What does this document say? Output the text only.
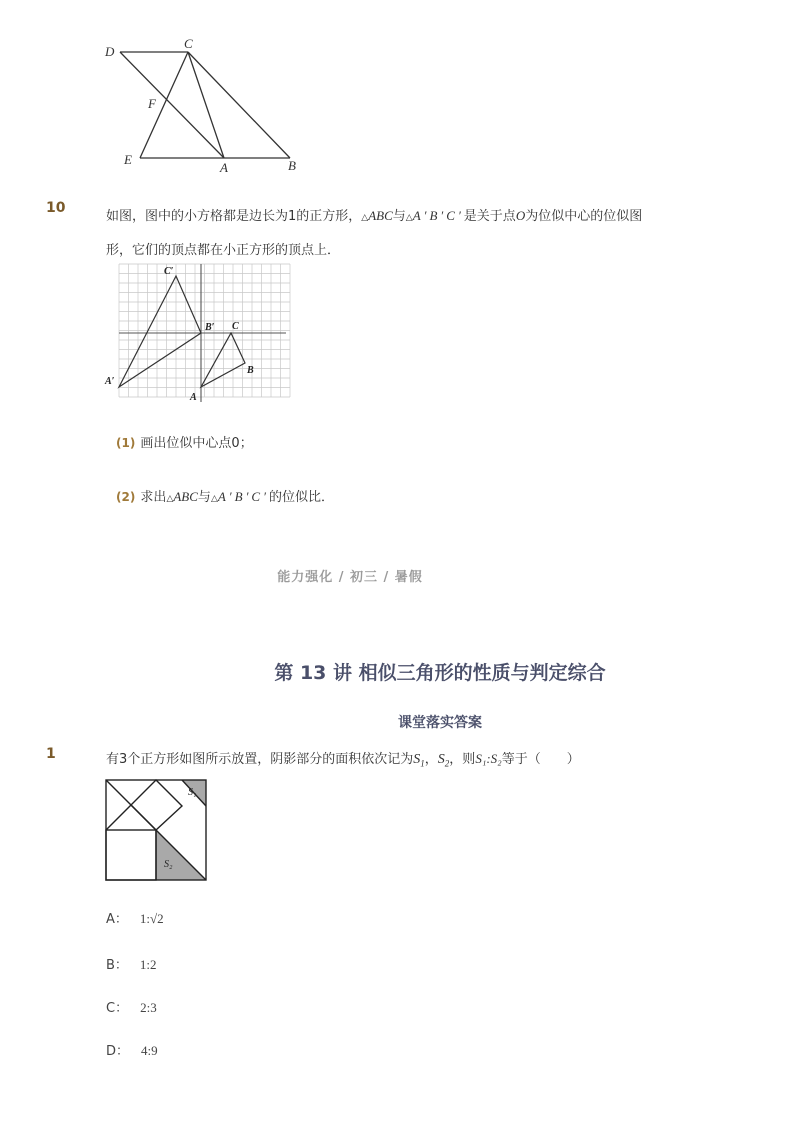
D
C
F
E
A	B
10
如图，图中的小方格都是边长为1的正方形，△ABC与△A′B′C′是关于点O为位似中心的位似图
形，它们的顶点都在小正方形的顶点上．
C′
B′
A′
C
B
A
(1) 画出位似中心点0；
(2) 求出△ABC与△A′B′C′的位似比．
能力强化 / 初三 / 暑假
第 13 讲 相似三角形的性质与判定综合
课堂落实答案
1	有3个正方形如图所示放置，阴影部分的面积依次记为$S_1$，$S_2$，则S₁:S₂等于（　　）
S₁
S₂
A： 1:√2
B： 1:2
C： 2:3
D： 4:9
